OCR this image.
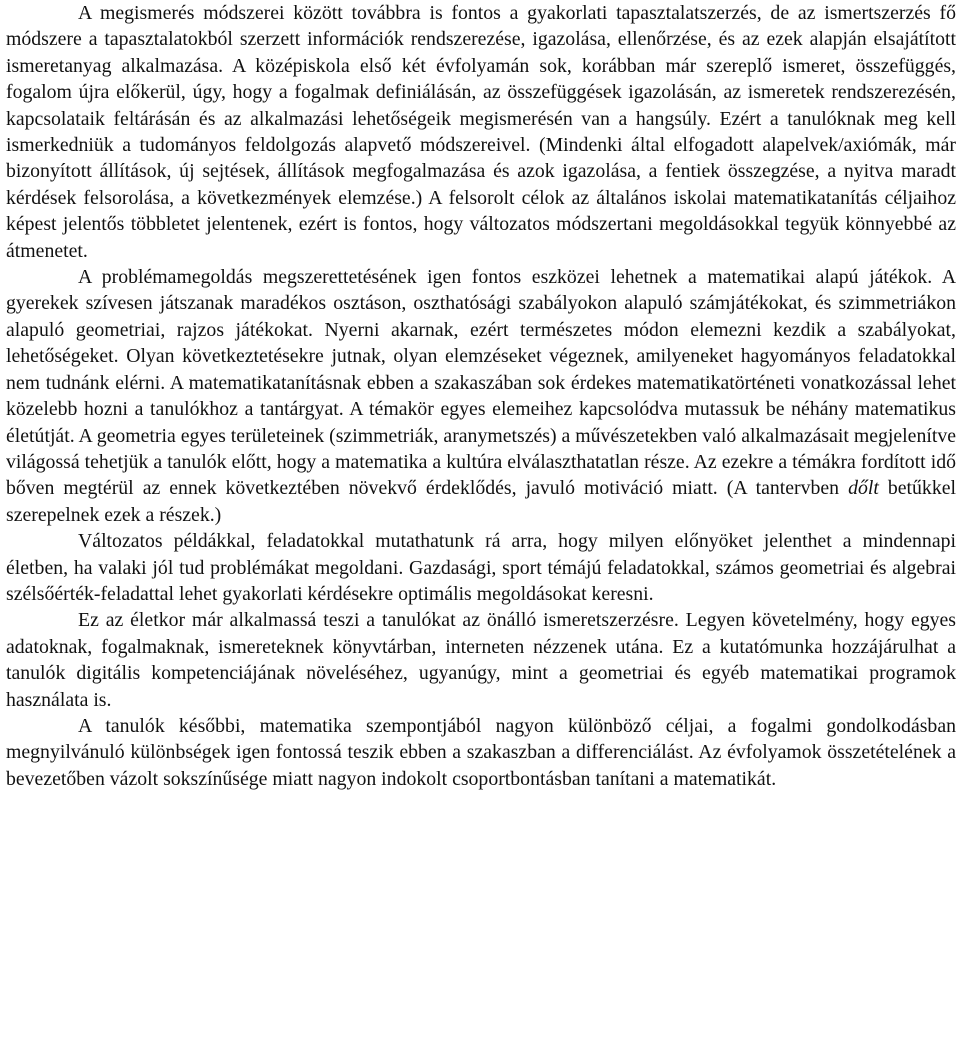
A megismerés módszerei között továbbra is fontos a gyakorlati tapasztalatszerzés, de az ismertszerzés fő módszere a tapasztalatokból szerzett információk rendszerezése, igazolása, ellenőrzése, és az ezek alapján elsajátított ismeretanyag alkalmazása. A középiskola első két évfolyamán sok, korábban már szereplő ismeret, összefüggés, fogalom újra előkerül, úgy, hogy a fogalmak definiálásán, az összefüggések igazolásán, az ismeretek rendszerezésén, kapcsolataik feltárásán és az alkalmazási lehetőségeik megismerésén van a hangsúly. Ezért a tanulóknak meg kell ismerkedniük a tudományos feldolgozás alapvető módszereivel. (Mindenki által elfogadott alapelvek/axiómák, már bizonyított állítások, új sejtések, állítások megfogalmazása és azok igazolása, a fentiek összegzése, a nyitva maradt kérdések felsorolása, a következmények elemzése.) A felsorolt célok az általános iskolai matematikatanítás céljaihoz képest jelentős többletet jelentenek, ezért is fontos, hogy változatos módszertani megoldásokkal tegyük könnyebbé az átmenetet.

A problémamegoldás megszerettetésének igen fontos eszközei lehetnek a matematikai alapú játékok. A gyerekek szívesen játszanak maradékos osztáson, oszthatósági szabályokon alapuló számjátékokat, és szimmetriákon alapuló geometriai, rajzos játékokat. Nyerni akarnak, ezért természetes módon elemezni kezdik a szabályokat, lehetőségeket. Olyan következtetésekre jutnak, olyan elemzéseket végeznek, amilyeneket hagyományos feladatokkal nem tudnánk elérni. A matematikatanításnak ebben a szakaszában sok érdekes matematikatörténeti vonatkozással lehet közelebb hozni a tanulókhoz a tantárgyat. A témakör egyes elemeihez kapcsolódva mutassuk be néhány matematikus életútját. A geometria egyes területeinek (szimmetriák, aranymetszés) a művészetekben való alkalmazásait megjelenítve világossá tehetjük a tanulók előtt, hogy a matematika a kultúra elválaszthatatlan része. Az ezekre a témákra fordított idő bőven megtérül az ennek következtében növekvő érdeklődés, javuló motiváció miatt. (A tantervben dőlt betűkkel szerepelnek ezek a részek.)

Változatos példákkal, feladatokkal mutathatunk rá arra, hogy milyen előnyöket jelenthet a mindennapi életben, ha valaki jól tud problémákat megoldani. Gazdasági, sport témájú feladatokkal, számos geometriai és algebrai szélsőérték-feladattal lehet gyakorlati kérdésekre optimális megoldásokat keresni.

Ez az életkor már alkalmassá teszi a tanulókat az önálló ismeretszerzésre. Legyen követelmény, hogy egyes adatoknak, fogalmaknak, ismereteknek könyvtárban, interneten nézzenek utána. Ez a kutatómunka hozzájárulhat a tanulók digitális kompetenciájának növeléséhez, ugyanúgy, mint a geometriai és egyéb matematikai programok használata is.

A tanulók későbbi, matematika szempontjából nagyon különböző céljai, a fogalmi gondolkodásban megnyilvánuló különbségek igen fontossá teszik ebben a szakaszban a differenciálást. Az évfolyamok összetételének a bevezetőben vázolt sokszínűsége miatt nagyon indokolt csoportbontásban tanítani a matematikát.
